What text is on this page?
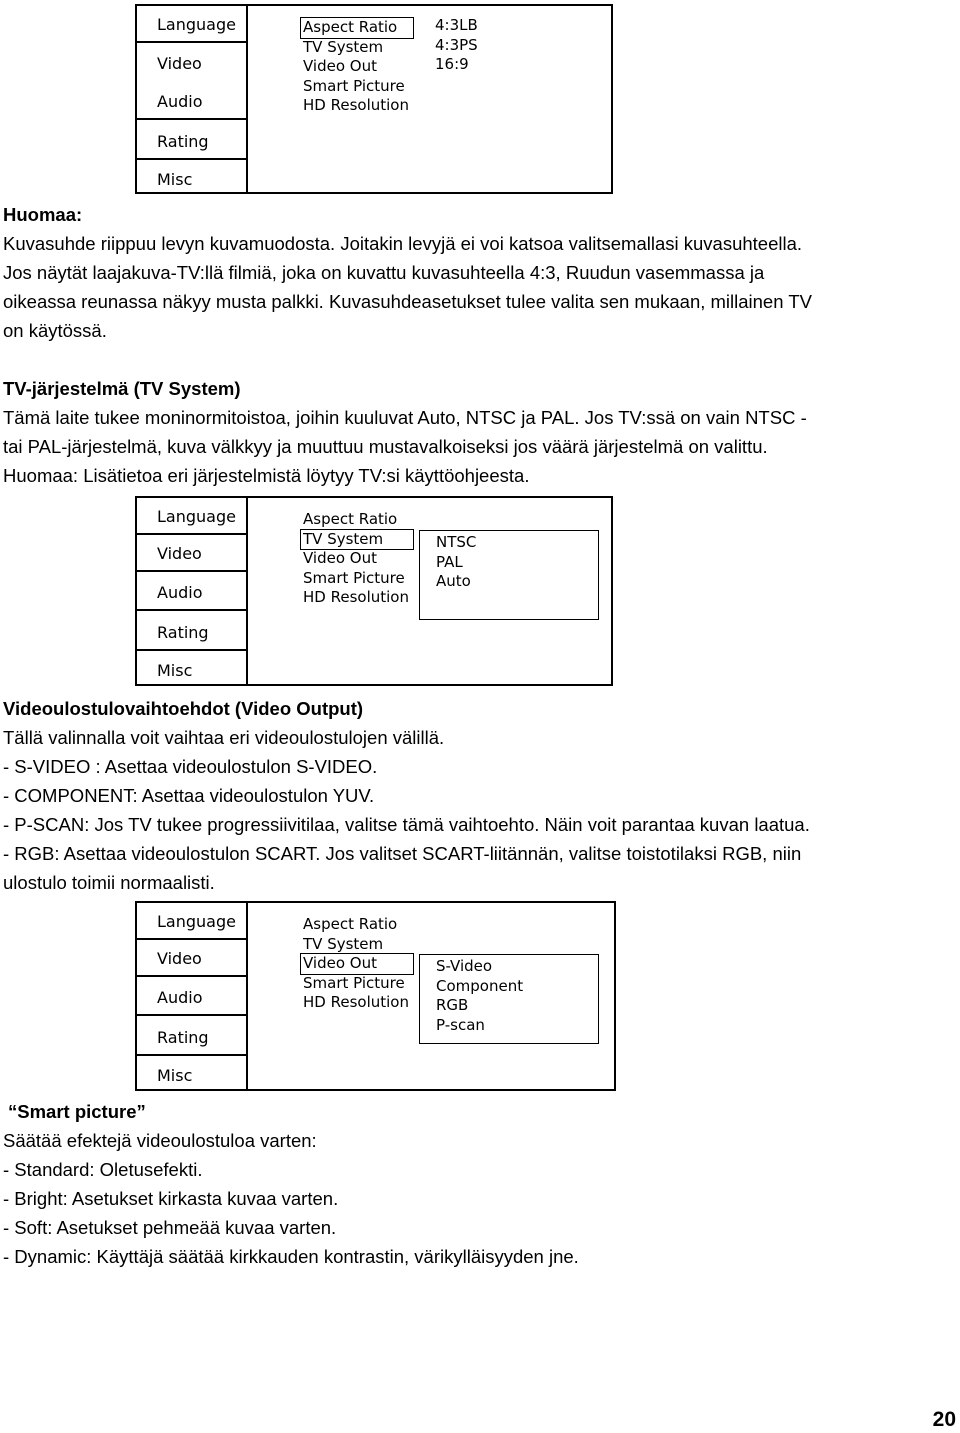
Language
Video
Audio
Rating
Misc
Aspect Ratio
TV System
Video Out
Smart Picture
HD Resolution
4:3LB
4:3PS
16:9
Huomaa:
Kuvasuhde riippuu levyn kuvamuodosta. Joitakin levyjä ei voi katsoa valitsemallasi kuvasuhteella.
Jos näytät laajakuva-TV:llä filmiä, joka on kuvattu kuvasuhteella 4:3, Ruudun vasemmassa ja
oikeassa reunassa näkyy musta palkki. Kuvasuhdeasetukset tulee valita sen mukaan, millainen TV
on käytössä.
TV-järjestelmä (TV System)
Tämä laite tukee moninormitoistoa, joihin kuuluvat Auto, NTSC ja PAL. Jos TV:ssä on vain NTSC -
tai PAL-järjestelmä, kuva välkkyy ja muuttuu mustavalkoiseksi jos väärä järjestelmä on valittu.
Huomaa: Lisätietoa eri järjestelmistä löytyy TV:si käyttöohjeesta.
Language
Video
Audio
Rating
Misc
Aspect Ratio
TV System
Video Out
Smart Picture
HD Resolution
NTSC
PAL
Auto
Videoulostulovaihtoehdot (Video Output)
Tällä valinnalla voit vaihtaa eri videoulostulojen välillä.
- S-VIDEO : Asettaa videoulostulon S-VIDEO.
- COMPONENT: Asettaa videoulostulon YUV.
- P-SCAN: Jos TV tukee progressiivitilaa, valitse tämä vaihtoehto. Näin voit parantaa kuvan laatua.
- RGB: Asettaa videoulostulon SCART. Jos valitset SCART-liitännän, valitse toistotilaksi RGB, niin
ulostulo toimii normaalisti.
Language
Video
Audio
Rating
Misc
Aspect Ratio
TV System
Video Out
Smart Picture
HD Resolution
S-Video
Component
RGB
P-scan
“Smart picture”
Säätää efektejä videoulostuloa varten:
- Standard: Oletusefekti.
- Bright: Asetukset kirkasta kuvaa varten.
- Soft: Asetukset pehmeää kuvaa varten.
- Dynamic: Käyttäjä säätää kirkkauden kontrastin, värikylläisyyden jne.
20
